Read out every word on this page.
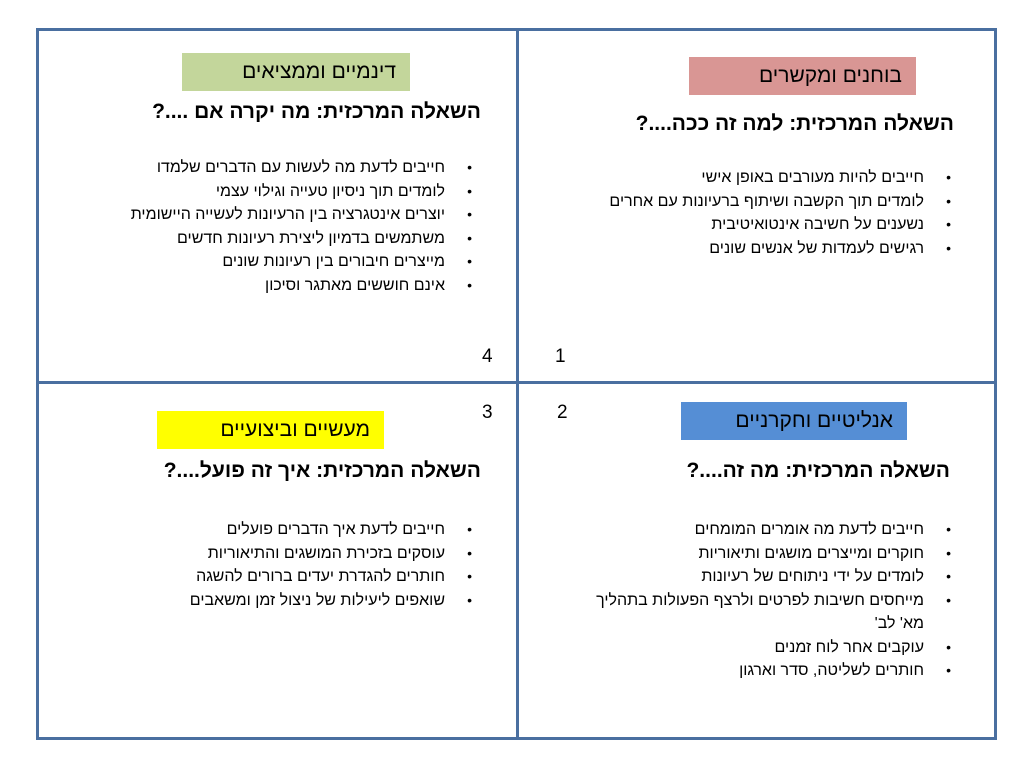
דינמיים וממציאים
השאלה המרכזית: מה יקרה אם ....?
•
חייבים לדעת מה לעשות עם הדברים שלמדו
•
לומדים תוך ניסיון טעייה וגילוי עצמי
•
יוצרים אינטגרציה בין הרעיונות לעשייה היישומית
•
משתמשים בדמיון ליצירת רעיונות חדשים
•
מייצרים חיבורים בין רעיונות שונים
•
אינם חוששים מאתגר וסיכון
4
בוחנים ומקשרים
השאלה המרכזית: למה זה ככה....?
•
חייבים להיות מעורבים באופן אישי
•
לומדים תוך הקשבה ושיתוף ברעיונות עם אחרים
•
נשענים על חשיבה אינטואיטיבית
•
רגישים לעמדות של אנשים שונים
1
3
מעשיים וביצועיים
השאלה המרכזית: איך זה פועל....?
•
חייבים לדעת איך הדברים פועלים
•
עוסקים בזכירת המושגים והתיאוריות
•
חותרים להגדרת יעדים ברורים להשגה
•
שואפים ליעילות של ניצול זמן ומשאבים
2	אנליטיים וחקרניים
השאלה המרכזית: מה זה....?
•
חייבים לדעת מה אומרים המומחים
•
חוקרים ומייצרים מושגים ותיאוריות
•
לומדים על ידי ניתוחים של רעיונות
•
מייחסים חשיבות לפרטים ולרצף הפעולות בתהליך מא' לב'
•
עוקבים אחר לוח זמנים
•
חותרים לשליטה, סדר וארגון
